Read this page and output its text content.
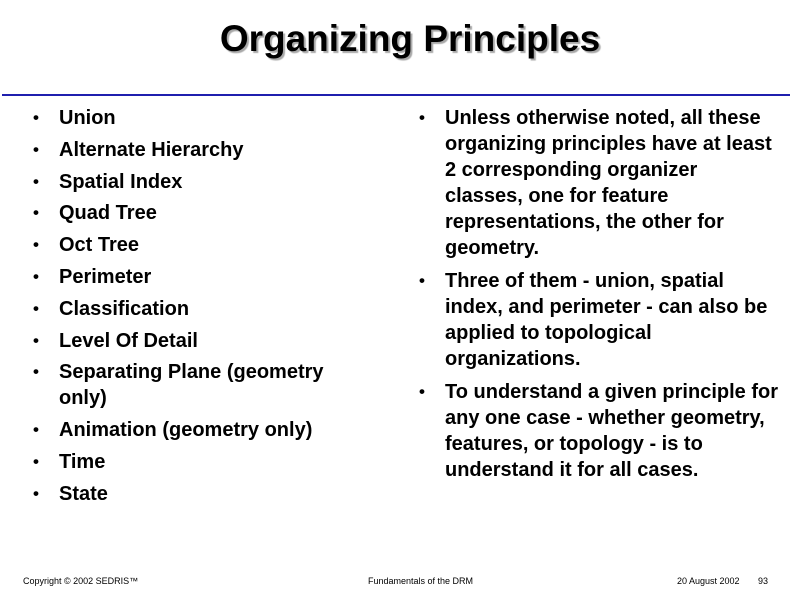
Organizing Principles
• Union
• Alternate Hierarchy
• Spatial Index
• Quad Tree
• Oct Tree
• Perimeter
• Classification
• Level Of Detail
• Separating Plane (geometry only)
• Animation (geometry only)
• Time
• State
• Unless otherwise noted, all these organizing principles have at least 2 corresponding organizer classes, one for feature representations, the other for geometry.
• Three of them - union, spatial index, and perimeter - can also be applied to topological organizations.
• To understand a given principle for any one case - whether geometry, features, or topology - is to understand it for all cases.
Copyright © 2002 SEDRIS™	Fundamentals of the DRM	20 August 2002 93
